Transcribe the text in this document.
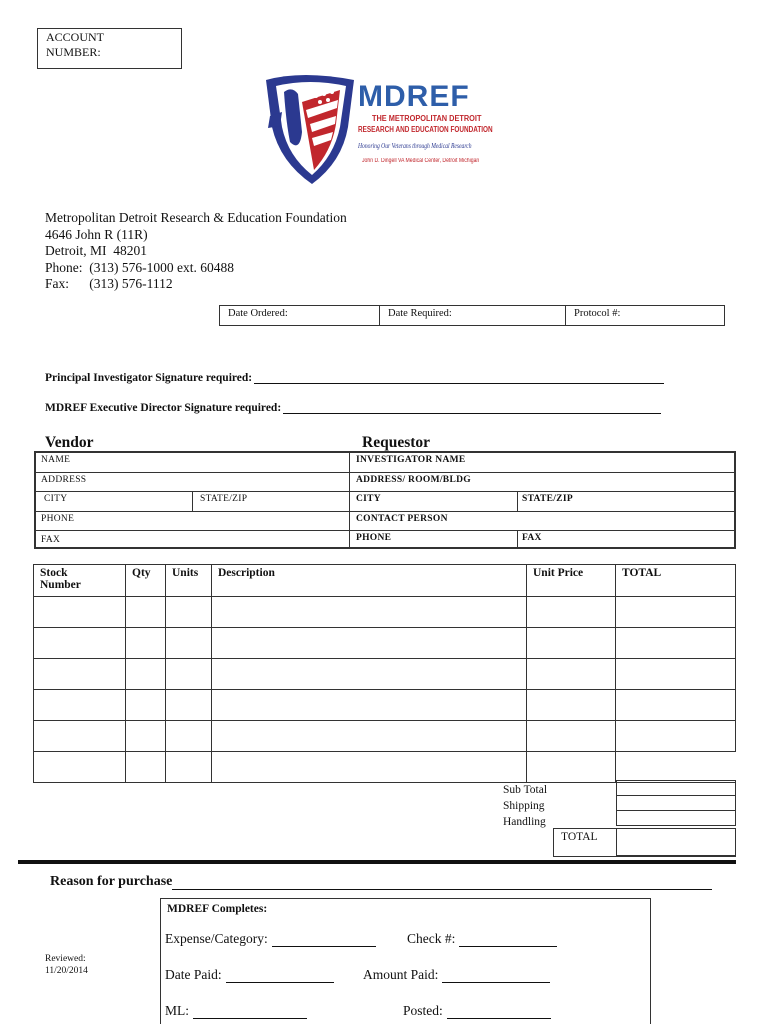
ACCOUNT
NUMBER:
MDREF
THE METROPOLITAN DETROIT
RESEARCH AND EDUCATION FOUNDATION
Honoring Our Veterans through Medical Research
John D. Dingell VA Medical Center, Detroit Michigan
Metropolitan Detroit Research & Education Foundation
4646 John R (11R)
Detroit, MI  48201
Phone:  (313) 576-1000 ext. 60488
Fax:      (313) 576-1112
Date Ordered:	Date Required:	Protocol #:
Principal Investigator Signature required:
MDREF Executive Director Signature required:
Vendor	Requestor
NAME	INVESTIGATOR NAME
ADDRESS	ADDRESS/ ROOM/BLDG
CITY	STATE/ZIP	CITY	STATE/ZIP
PHONE	CONTACT PERSON
FAX	PHONE	FAX
Stock
Number	Qty	Units	Description	Unit Price	TOTAL

Sub Total
Shipping
Handling
TOTAL
Reason for purchase
MDREF Completes:
Expense/Category:	Check #:
Date Paid:	Amount Paid:
ML:	Posted:
Reviewed:
11/20/2014
